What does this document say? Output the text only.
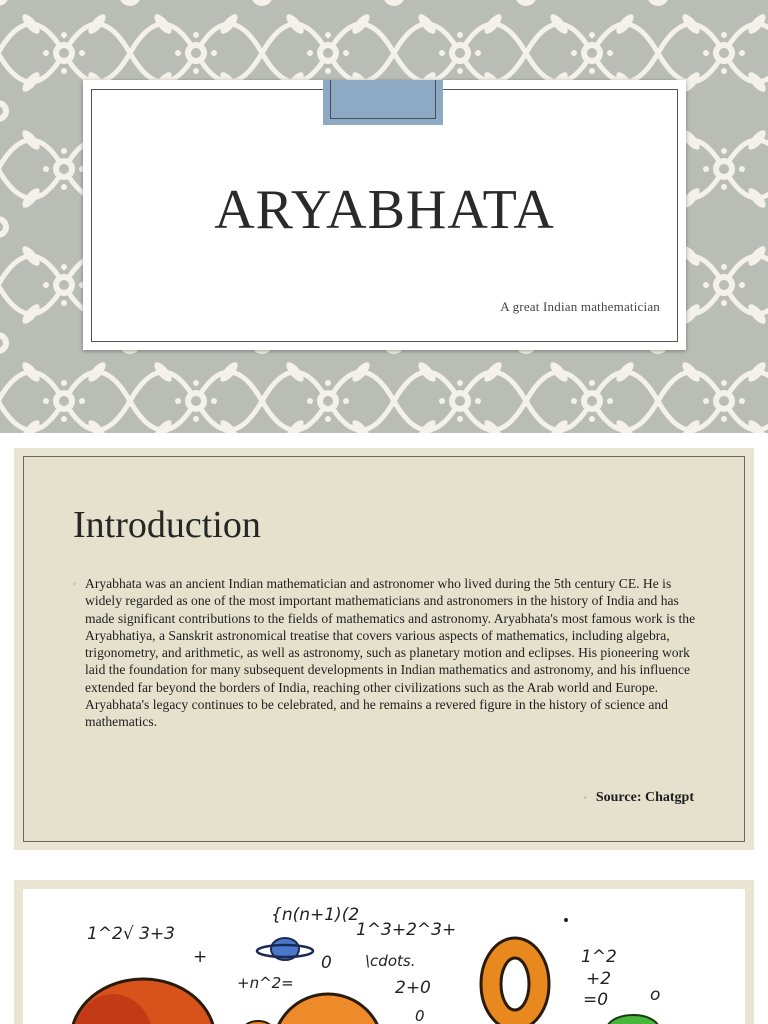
ARYABHATA
A great Indian mathematician
Introduction
◦ Aryabhata was an ancient Indian mathematician and astronomer who lived during the 5th century CE. He is widely regarded as one of the most important mathematicians and astronomers in the history of India and has made significant contributions to the fields of mathematics and astronomy. Aryabhata's most famous work is the Aryabhatiya, a Sanskrit astronomical treatise that covers various aspects of mathematics, including algebra, trigonometry, and arithmetic, as well as astronomy, such as planetary motion and eclipses. His pioneering work laid the foundation for many subsequent developments in Indian mathematics and astronomy, and his influence extended far beyond the borders of India, reaching other civilizations such as the Arab world and Europe. Aryabhata's legacy continues to be celebrated, and he remains a revered figure in the history of science and mathematics.
◦ Source: Chatgpt
{n(n+1)(2
1^2√ 3+3	1^3+2^3+
+	0 \cdots.
+n^2=	2+0
1^2
+2
=0 o
0
